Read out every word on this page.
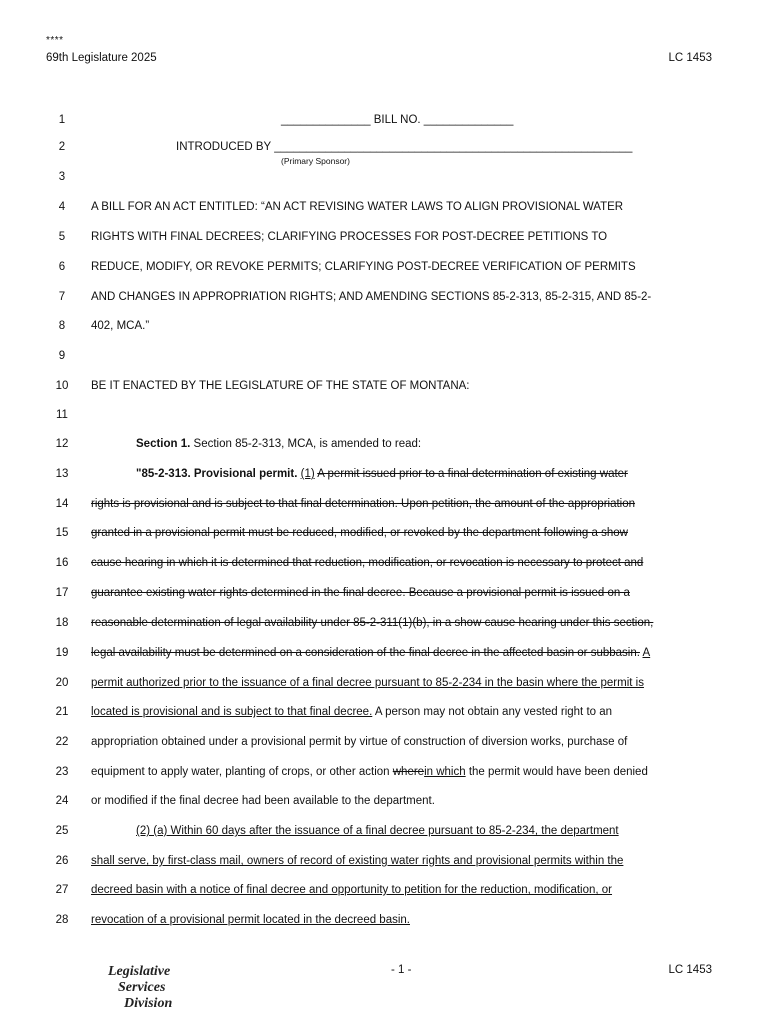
****
69th Legislature 2025	LC 1453
1	______________ BILL NO. ______________
2	INTRODUCED BY ________________________________________________________
3
4	A BILL FOR AN ACT ENTITLED: “AN ACT REVISING WATER LAWS TO ALIGN PROVISIONAL WATER
5	RIGHTS WITH FINAL DECREES; CLARIFYING PROCESSES FOR POST-DECREE PETITIONS TO
6	REDUCE, MODIFY, OR REVOKE PERMITS; CLARIFYING POST-DECREE VERIFICATION OF PERMITS
7	AND CHANGES IN APPROPRIATION RIGHTS; AND AMENDING SECTIONS 85-2-313, 85-2-315, AND 85-2-
8	402, MCA.”
9
10 BE IT ENACTED BY THE LEGISLATURE OF THE STATE OF MONTANA:
11
12	Section 1. Section 85-2-313, MCA, is amended to read:
13	"85-2-313. Provisional permit. (1) A permit issued prior to a final determination of existing water
14 rights is provisional and is subject to that final determination. Upon petition, the amount of the appropriation
15 granted in a provisional permit must be reduced, modified, or revoked by the department following a show
16 cause hearing in which it is determined that reduction, modification, or revocation is necessary to protect and
17 guarantee existing water rights determined in the final decree. Because a provisional permit is issued on a
18 reasonable determination of legal availability under 85-2-311(1)(b), in a show cause hearing under this section,
19 legal availability must be determined on a consideration of the final decree in the affected basin or subbasin. A
20 permit authorized prior to the issuance of a final decree pursuant to 85-2-234 in the basin where the permit is
21 located is provisional and is subject to that final decree. A person may not obtain any vested right to an
22 appropriation obtained under a provisional permit by virtue of construction of diversion works, purchase of
23 equipment to apply water, planting of crops, or other action wherein which the permit would have been denied
24 or modified if the final decree had been available to the department.
25	(2) (a) Within 60 days after the issuance of a final decree pursuant to 85-2-234, the department
26 shall serve, by first-class mail, owners of record of existing water rights and provisional permits within the
27 decreed basin with a notice of final decree and opportunity to petition for the reduction, modification, or
28 revocation of a provisional permit located in the decreed basin.
(Primary Sponsor)
Legislative
Services
Division
- 1 -	LC 1453
